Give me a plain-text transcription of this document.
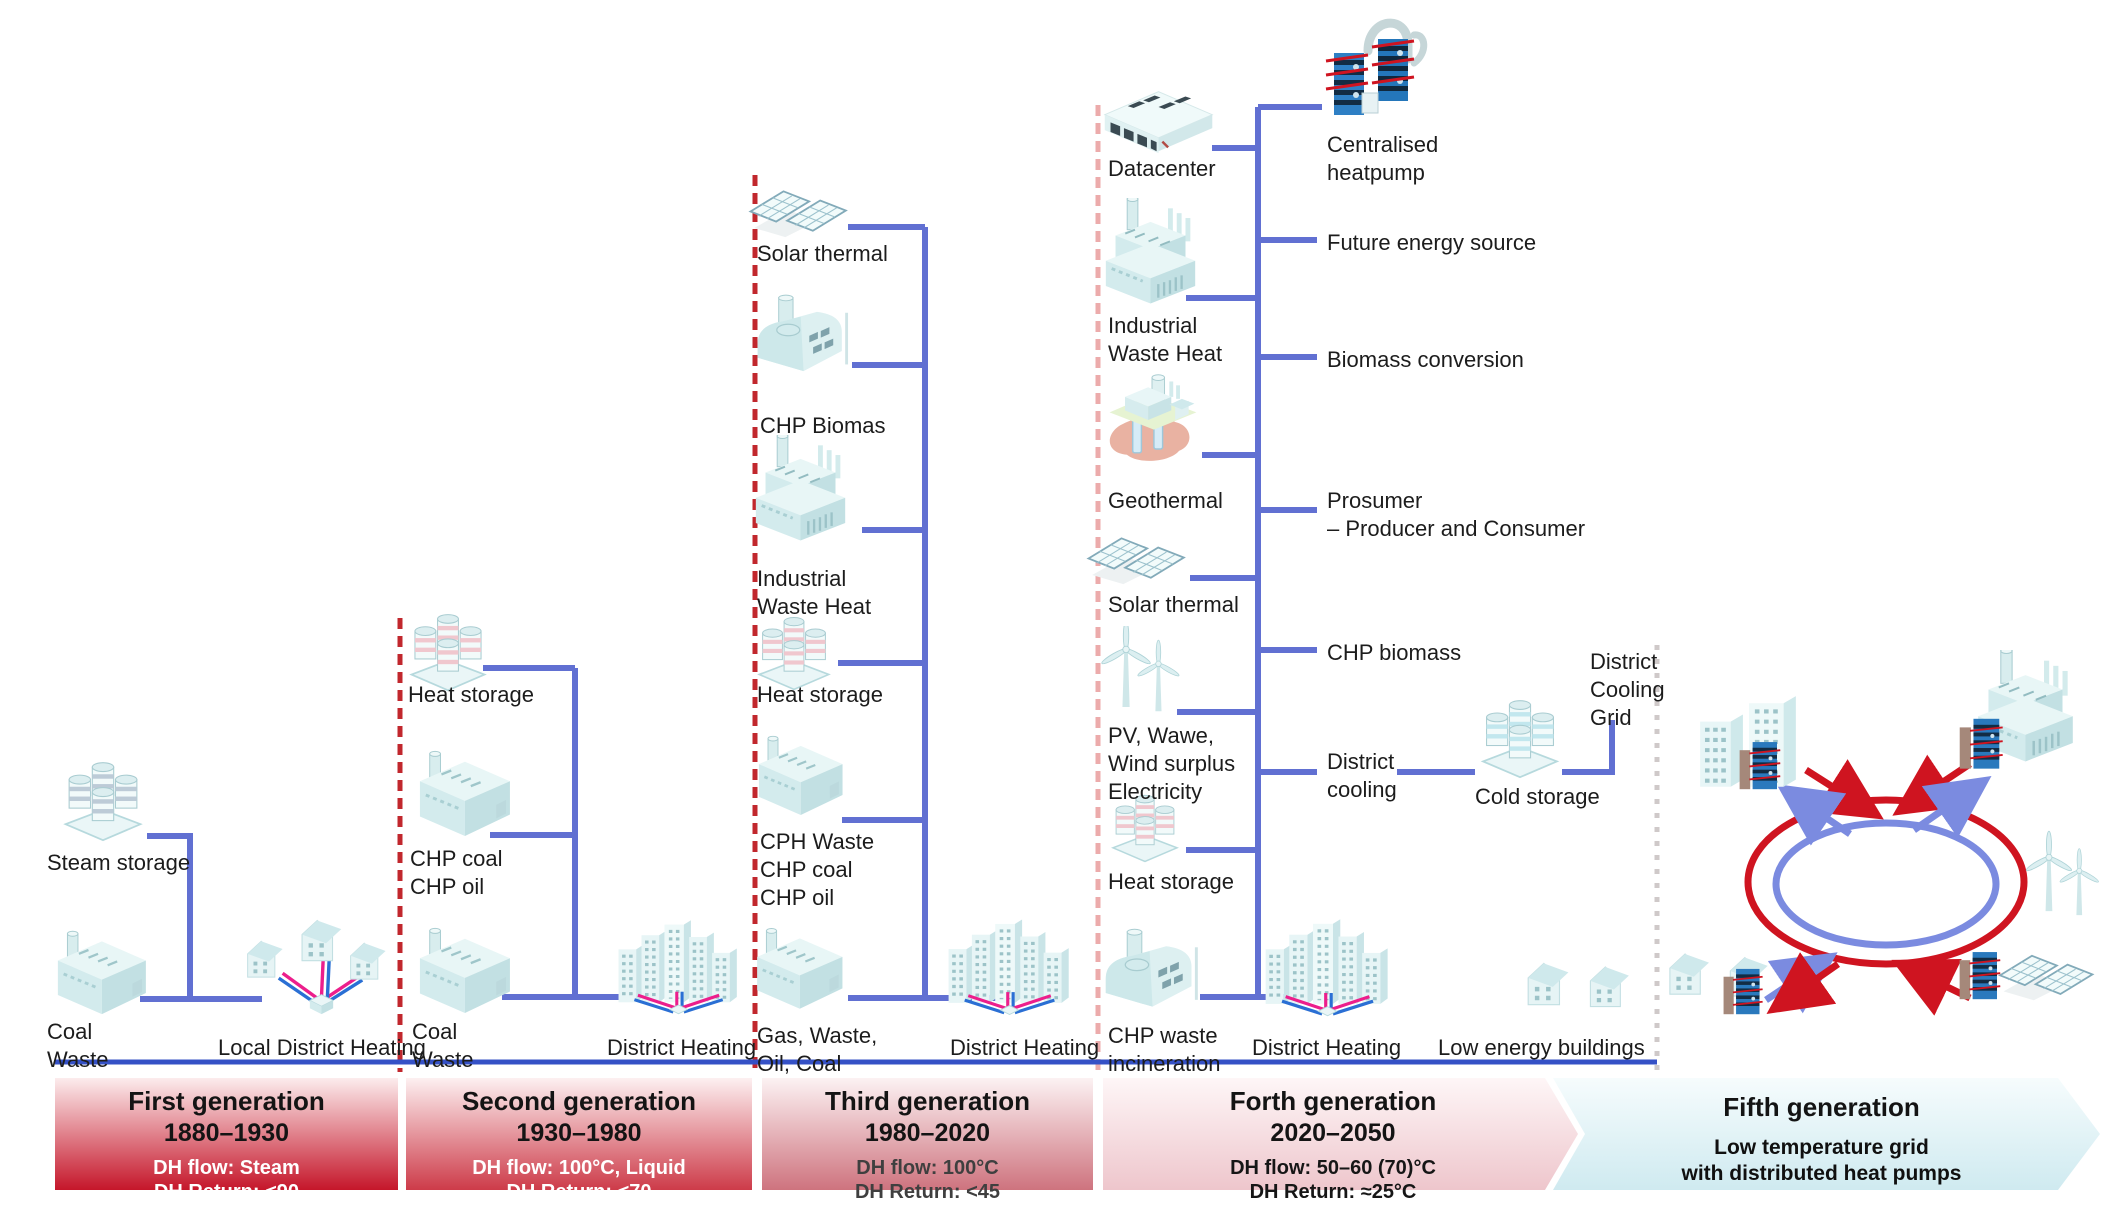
Steam storage
Coal
Waste	Local District Heating
Heat storage
CHP coal
CHP oil
Coal
Waste	District Heating
Solar thermal
CHP Biomas
Industrial
Waste Heat
Heat storage
CPH Waste
CHP coal
CHP oil
Gas, Waste,
Oil, Coal
District Heating
Datacenter
Centralised
heatpump
Future energy source
Industrial
Waste Heat	Biomass conversion
Geothermal	Prosumer
– Producer and Consumer
Solar thermal
CHP biomass
PV, Wawe,
Wind surplus
Electricity
District
cooling	Cold storage
District
Cooling
Grid
Heat storage
CHP waste
incineration
District Heating Low energy buildings
First generation
1880–1930
DH flow: Steam
DH Return: <90
Second generation
1930–1980
DH flow: 100°C, Liquid
DH Return: <70
Third generation
1980–2020
DH flow: 100°C
DH Return: <45
Forth generation
2020–2050
DH flow: 50–60 (70)°C
DH Return: ≈25°C
Fifth generation
Low temperature grid
with distributed heat pumps
